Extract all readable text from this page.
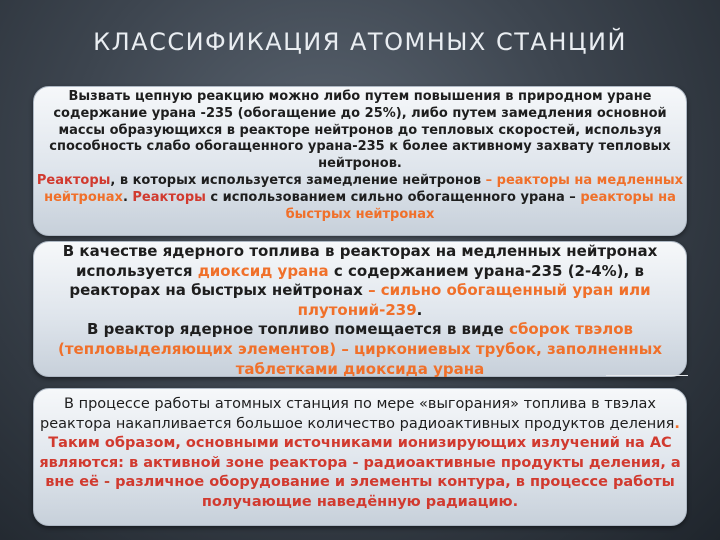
КЛАССИФИКАЦИЯ АТОМНЫХ СТАНЦИЙ

Вызвать цепную реакцию можно либо путем повышения в природном уране содержание урана -235 (обогащение до 25%), либо путем замедления основной массы образующихся в реакторе нейтронов до тепловых скоростей, используя способность слабо обогащенного урана-235 к более активному захвату тепловых нейтронов.
Реакторы, в которых используется замедление нейтронов – реакторы на медленных нейтронах. Реакторы с использованием сильно обогащенного урана – реакторы на быстрых нейтронах

В качестве ядерного топлива в реакторах на медленных нейтронах используется диоксид урана с содержанием урана-235 (2-4%), в реакторах на быстрых нейтронах – сильно обогащенный уран или плутоний-239.
В реактор ядерное топливо помещается в виде сборок твэлов (тепловыделяющих элементов) – циркониевых трубок, заполненных таблетками диоксида урана

В процессе работы атомных станция по мере «выгорания» топлива в твэлах реактора накапливается большое количество радиоактивных продуктов деления. Таким образом, основными источниками ионизирующих излучений на АС являются: в активной зоне реактора - радиоактивные продукты деления, а вне её - различное оборудование и элементы контура, в процессе работы получающие наведённую радиацию.
